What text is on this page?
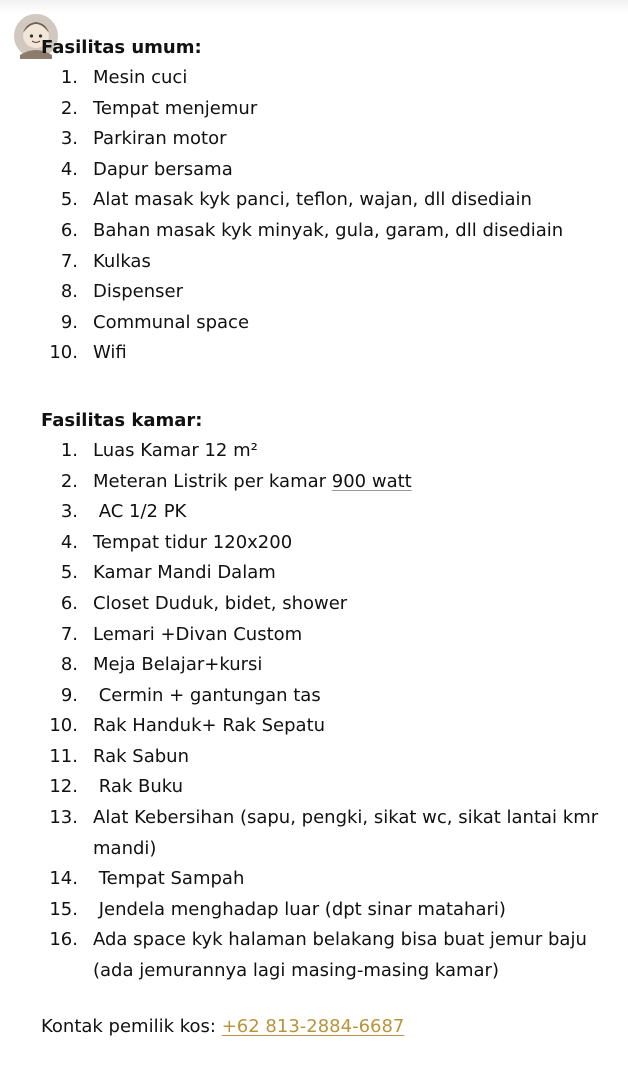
Fasilitas umum:
1. Mesin cuci
2. Tempat menjemur
3. Parkiran motor
4. Dapur bersama
5. Alat masak kyk panci, teflon, wajan, dll disediain
6. Bahan masak kyk minyak, gula, garam, dll disediain
7. Kulkas
8. Dispenser
9. Communal space
10. Wifi
Fasilitas kamar:
1. Luas Kamar 12 m²
2. Meteran Listrik per kamar 900 watt
3. AC 1/2 PK
4. Tempat tidur 120x200
5. Kamar Mandi Dalam
6. Closet Duduk, bidet, shower
7. Lemari +Divan Custom
8. Meja Belajar+kursi
9. Cermin + gantungan tas
10. Rak Handuk+ Rak Sepatu
11. Rak Sabun
12. Rak Buku
13. Alat Kebersihan (sapu, pengki, sikat wc, sikat lantai kmr mandi)
14. Tempat Sampah
15. Jendela menghadap luar (dpt sinar matahari)
16. Ada space kyk halaman belakang bisa buat jemur baju (ada jemurannya lagi masing-masing kamar)
Kontak pemilik kos: +62 813-2884-6687
